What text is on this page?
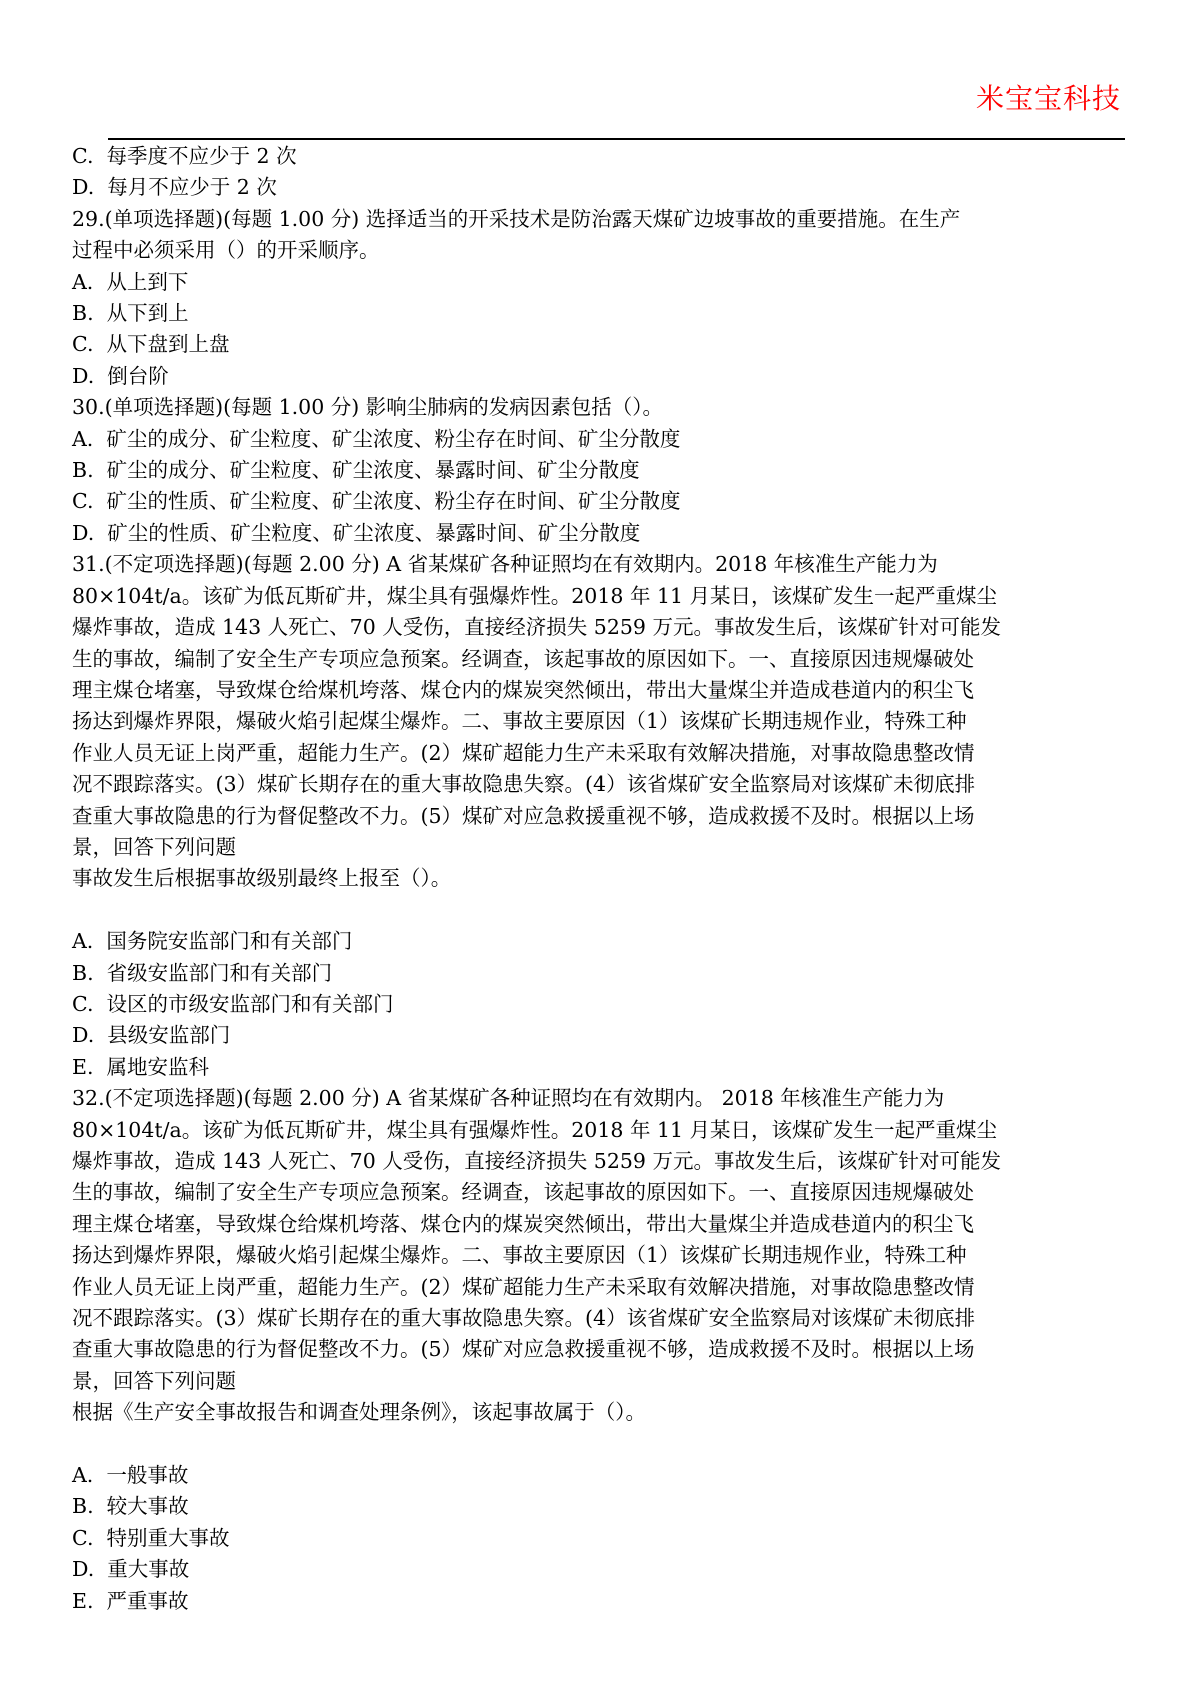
米宝宝科技
C. 每季度不应少于 2 次
D. 每月不应少于 2 次
29.(单项选择题)(每题 1.00 分) 选择适当的开采技术是防治露天煤矿边坡事故的重要措施。在生产
过程中必须采用（）的开采顺序。
A. 从上到下
B. 从下到上
C. 从下盘到上盘
D. 倒台阶
30.(单项选择题)(每题 1.00 分) 影响尘肺病的发病因素包括（）。
A. 矿尘的成分、矿尘粒度、矿尘浓度、粉尘存在时间、矿尘分散度
B. 矿尘的成分、矿尘粒度、矿尘浓度、暴露时间、矿尘分散度
C. 矿尘的性质、矿尘粒度、矿尘浓度、粉尘存在时间、矿尘分散度
D. 矿尘的性质、矿尘粒度、矿尘浓度、暴露时间、矿尘分散度
31.(不定项选择题)(每题 2.00 分) A 省某煤矿各种证照均在有效期内。2018 年核准生产能力为
80×104t/a。该矿为低瓦斯矿井，煤尘具有强爆炸性。2018 年 11 月某日，该煤矿发生一起严重煤尘
爆炸事故，造成 143 人死亡、70 人受伤，直接经济损失 5259 万元。事故发生后，该煤矿针对可能发
生的事故，编制了安全生产专项应急预案。经调查，该起事故的原因如下。一、直接原因违规爆破处
理主煤仓堵塞，导致煤仓给煤机垮落、煤仓内的煤炭突然倾出，带出大量煤尘并造成巷道内的积尘飞
扬达到爆炸界限，爆破火焰引起煤尘爆炸。二、事故主要原因（1）该煤矿长期违规作业，特殊工种
作业人员无证上岗严重，超能力生产。(2）煤矿超能力生产未采取有效解决措施，对事故隐患整改情
况不跟踪落实。(3）煤矿长期存在的重大事故隐患失察。(4）该省煤矿安全监察局对该煤矿未彻底排
查重大事故隐患的行为督促整改不力。(5）煤矿对应急救援重视不够，造成救援不及时。根据以上场
景，回答下列问题
事故发生后根据事故级别最终上报至（）。
A. 国务院安监部门和有关部门
B. 省级安监部门和有关部门
C. 设区的市级安监部门和有关部门
D. 县级安监部门
E. 属地安监科
32.(不定项选择题)(每题 2.00 分) A 省某煤矿各种证照均在有效期内。 2018 年核准生产能力为
80×104t/a。该矿为低瓦斯矿井，煤尘具有强爆炸性。2018 年 11 月某日，该煤矿发生一起严重煤尘
爆炸事故，造成 143 人死亡、70 人受伤，直接经济损失 5259 万元。事故发生后，该煤矿针对可能发
生的事故，编制了安全生产专项应急预案。经调查，该起事故的原因如下。一、直接原因违规爆破处
理主煤仓堵塞，导致煤仓给煤机垮落、煤仓内的煤炭突然倾出，带出大量煤尘并造成巷道内的积尘飞
扬达到爆炸界限，爆破火焰引起煤尘爆炸。二、事故主要原因（1）该煤矿长期违规作业，特殊工种
作业人员无证上岗严重，超能力生产。(2）煤矿超能力生产未采取有效解决措施，对事故隐患整改情
况不跟踪落实。(3）煤矿长期存在的重大事故隐患失察。(4）该省煤矿安全监察局对该煤矿未彻底排
查重大事故隐患的行为督促整改不力。(5）煤矿对应急救援重视不够，造成救援不及时。根据以上场
景，回答下列问题
根据《生产安全事故报告和调查处理条例》，该起事故属于（）。
A. 一般事故
B. 较大事故
C. 特别重大事故
D. 重大事故
E. 严重事故
